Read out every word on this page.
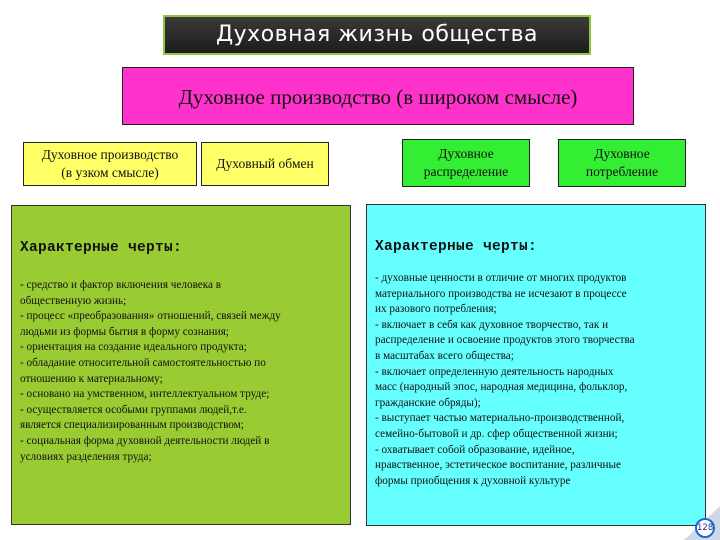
Духовная жизнь общества
Духовное производство (в широком смысле)
Духовное производство
(в узком смысле)
Духовный обмен
Духовное
распределение
Духовное
потребление
Характерные черты:
- средство и фактор включения человека в
общественную жизнь;
- процесс «преобразования» отношений, связей между
людьми из формы бытия в форму сознания;
- ориентация на создание идеального продукта;
- обладание относительной самостоятельностью по
отношению к материальному;
- основано на умственном, интеллектуальном труде;
- осуществляется особыми группами людей,т.е.
является специализированным производством;
- социальная форма духовной деятельности людей в
условиях разделения труда;
Характерные черты:
- духовные ценности в отличие от многих продуктов
материального производства не исчезают в процессе
их разового потребления;
- включает в себя как духовное творчество, так и
распределение и освоение продуктов этого творчества
в масштабах всего общества;
- включает определенную деятельность народных
масс (народный эпос, народная медицина, фольклор,
гражданские обряды);
- выступает частью материально-производственной,
семейно-бытовой и др. сфер общественной жизни;
- охватывает собой образование, идейное,
нравственное, эстетическое воспитание, различные
формы приобщения к духовной культуре
128
